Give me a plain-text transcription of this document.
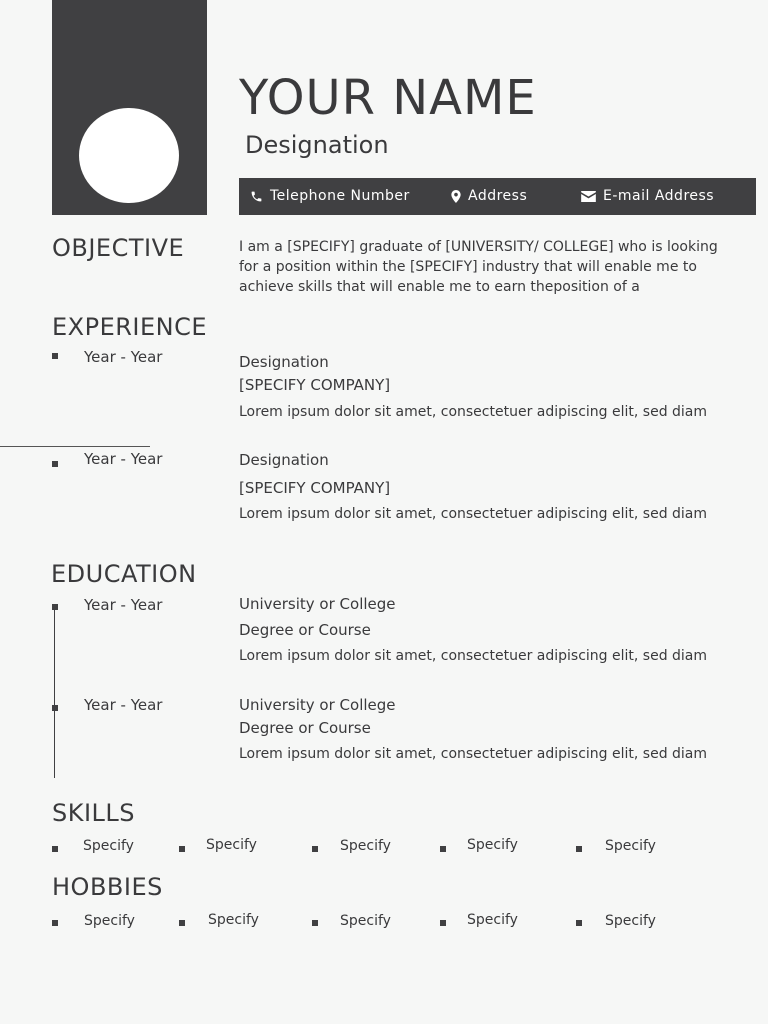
YOUR NAME
Designation
Telephone Number	Address	E-mail Address
OBJECTIVE	I am a [SPECIFY] graduate of [UNIVERSITY/ COLLEGE] who is looking
for a position within the [SPECIFY] industry that will enable me to achieve skills that will enable me to earn theposition of a
EXPERIENCE
Year - Year	Designation
[SPECIFY COMPANY]
Lorem ipsum dolor sit amet, consectetuer adipiscing elit, sed diam
Year - Year	Designation
[SPECIFY COMPANY]
Lorem ipsum dolor sit amet, consectetuer adipiscing elit, sed diam
EDUCATION
Year - Year	University or College
Degree or Course
Lorem ipsum dolor sit amet, consectetuer adipiscing elit, sed diam
Year - Year	University or College
Degree or Course
Lorem ipsum dolor sit amet, consectetuer adipiscing elit, sed diam
SKILLS
Specify	Specify	Specify	Specify	Specify
HOBBIES
Specify	Specify	Specify	Specify	Specify
